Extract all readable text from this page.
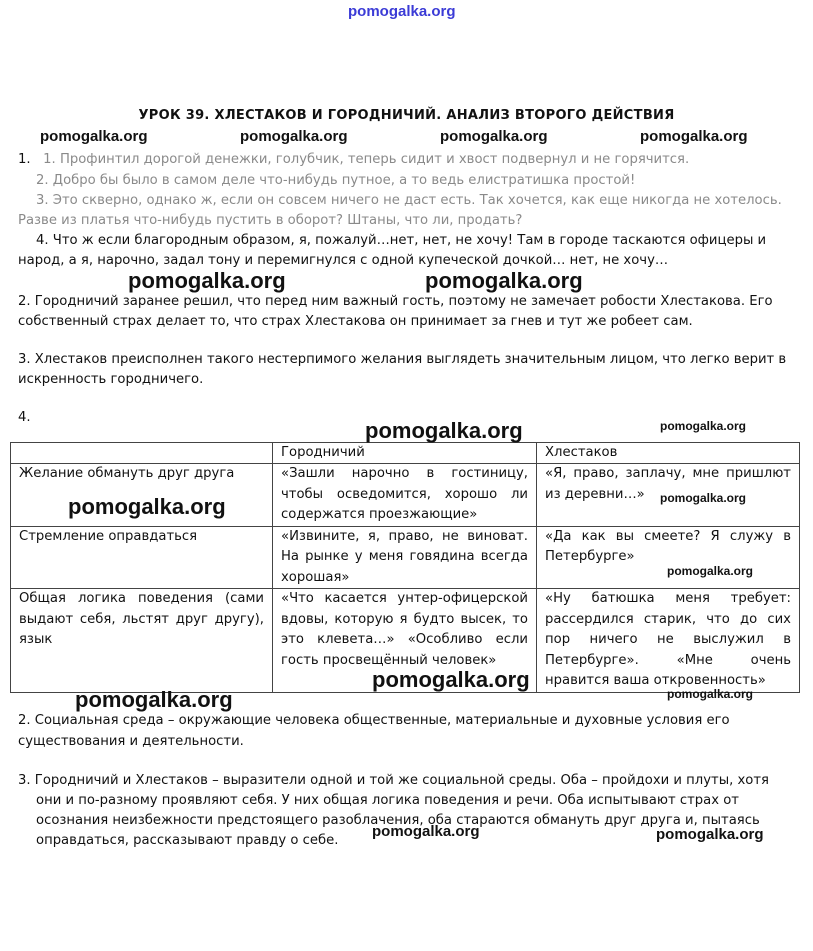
pomogalka.org
УРОК 39. ХЛЕСТАКОВ И ГОРОДНИЧИЙ. АНАЛИЗ ВТОРОГО ДЕЙСТВИЯ
pomogalka.org	pomogalka.org	pomogalka.org	pomogalka.org
1. 1. Профинтил дорогой денежки, голубчик, теперь сидит и хвост подвернул и не горячится.
2. Добро бы было в самом деле что-нибудь путное, а то ведь елистратишка простой!
3. Это скверно, однако ж, если он совсем ничего не даст есть. Так хочется, как еще никогда не хотелось.
Разве из платья что-нибудь пустить в оборот? Штаны, что ли, продать?
4. Что ж если благородным образом, я, пожалуй…нет, нет, не хочу! Там в городе таскаются офицеры и
народ, а я, нарочно, задал тону и перемигнулся с одной купеческой дочкой… нет, не хочу…
pomogalka.org	pomogalka.org
2. Городничий заранее решил, что перед ним важный гость, поэтому не замечает робости Хлестакова. Его
собственный страх делает то, что страх Хлестакова он принимает за гнев и тут же робеет сам.
3. Хлестаков преисполнен такого нестерпимого желания выглядеть значительным лицом, что легко верит в
искренность городничего.
4.
	Городничий	Хлестаков
Желание обмануть друг друга	«Зашли нарочно в гостиницу, чтобы осведомится, хорошо ли содержатся проезжающие»	«Я, право, заплачу, мне пришлют из деревни…»
Стремление оправдаться	«Извините, я, право, не виноват. На рынке у меня говядина всегда хорошая»	«Да как вы смеете? Я служу в Петербурге»
Общая логика поведения (сами выдают себя, льстят друг другу), язык	«Что касается унтер-офицерской вдовы, которую я будто высек, то это клевета…» «Особливо если гость просвещённый человек»	«Ну батюшка меня требует: рассердился старик, что до сих пор ничего не выслужил в Петербурге». «Мне очень нравится ваша откровенность»
pomogalka.org	pomogalka.org
pomogalka.org	pomogalka.org
pomogalka.org
pomogalka.org
pomogalka.org	pomogalka.org
2. Социальная среда – окружающие человека общественные, материальные и духовные условия его
существования и деятельности.
3. Городничий и Хлестаков – выразители одной и той же социальной среды. Оба – пройдохи и плуты, хотя
они и по-разному проявляют себя. У них общая логика поведения и речи. Оба испытывают страх от
осознания неизбежности предстоящего разоблачения, оба стараются обмануть друг друга и, пытаясь
оправдаться, рассказывают правду о себе.
pomogalka.org	pomogalka.org
